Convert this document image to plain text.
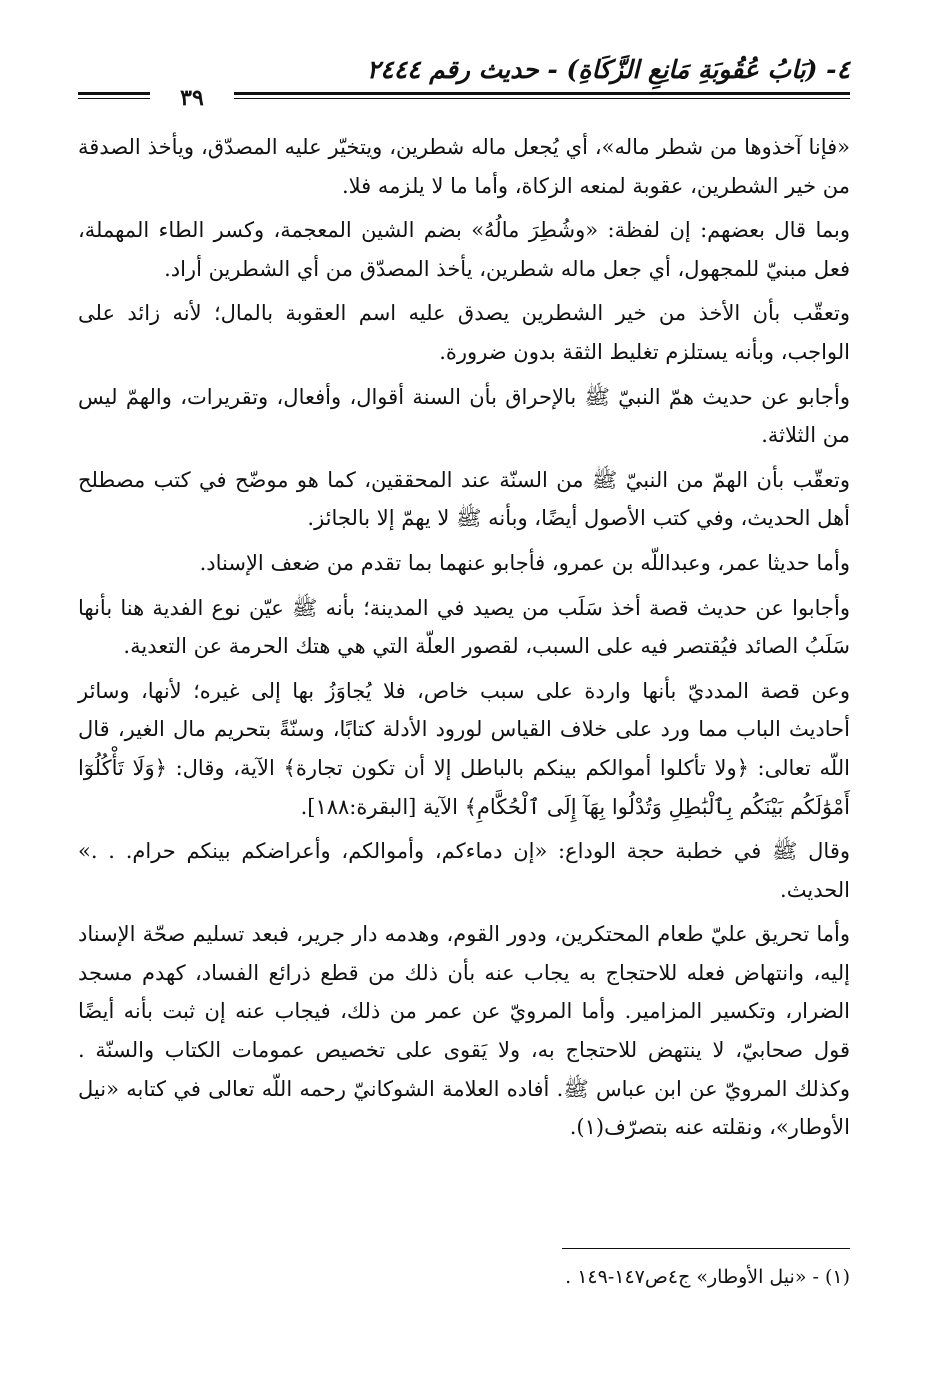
٤- (بَابُ عُقُوبَةِ مَانِعِ الزَّكَاةِ) - حديث رقم ٢٤٤٤
٣٩

«فإنا آخذوها من شطر ماله»، أي يُجعل ماله شطرين، ويتخيّر عليه المصدّق، ويأخذ الصدقة من خير الشطرين، عقوبة لمنعه الزكاة، وأما ما لا يلزمه فلا.

وبما قال بعضهم: إن لفظة: «وشُطِرَ مالُهُ» بضم الشين المعجمة، وكسر الطاء المهملة، فعل مبنيّ للمجهول، أي جعل ماله شطرين، يأخذ المصدّق من أي الشطرين أراد.

وتعقّب بأن الأخذ من خير الشطرين يصدق عليه اسم العقوبة بالمال؛ لأنه زائد على الواجب، وبأنه يستلزم تغليط الثقة بدون ضرورة.

وأجابو عن حديث همّ النبيّ ﷺ بالإحراق بأن السنة أقوال، وأفعال، وتقريرات، والهمّ ليس من الثلاثة.

وتعقّب بأن الهمّ من النبيّ ﷺ من السنّة عند المحققين، كما هو موضّح في كتب مصطلح أهل الحديث، وفي كتب الأصول أيضًا، وبأنه ﷺ لا يهمّ إلا بالجائز.

وأما حديثا عمر، وعبداللّه بن عمرو، فأجابو عنهما بما تقدم من ضعف الإسناد.

وأجابوا عن حديث قصة أخذ سَلَب من يصيد في المدينة؛ بأنه ﷺ عيّن نوع الفدية هنا بأنها سَلَبُ الصائد فيُقتصر فيه على السبب، لقصور العلّة التي هي هتك الحرمة عن التعدية.

وعن قصة المدديّ بأنها واردة على سبب خاص، فلا يُجاوَزُ بها إلى غيره؛ لأنها، وسائر أحاديث الباب مما ورد على خلاف القياس لورود الأدلة كتابًا، وسنّةً بتحريم مال الغير، قال اللّه تعالى: ﴿ولا تأكلوا أموالكم بينكم بالباطل إلا أن تكون تجارة﴾ الآية، وقال: ﴿وَلَا تَأْكُلُوٓا أَمْوَٰلَكُم بَيْنَكُم بِٱلْبَٰطِلِ وَتُدْلُوا بِهَآ إِلَى ٱلْحُكَّامِ﴾ الآية [البقرة:١٨٨].

وقال ﷺ في خطبة حجة الوداع: «إن دماءكم، وأموالكم، وأعراضكم بينكم حرام. . .» الحديث.

وأما تحريق عليّ طعام المحتكرين، ودور القوم، وهدمه دار جرير، فبعد تسليم صحّة الإسناد إليه، وانتهاض فعله للاحتجاج به يجاب عنه بأن ذلك من قطع ذرائع الفساد، كهدم مسجد الضرار، وتكسير المزامير. وأما المرويّ عن عمر من ذلك، فيجاب عنه إن ثبت بأنه أيضًا قول صحابيّ، لا ينتهض للاحتجاج به، ولا يَقوى على تخصيص عمومات الكتاب والسنّة . وكذلك المرويّ عن ابن عباس ﷺ. أفاده العلامة الشوكانيّ رحمه اللّه تعالى في كتابه «نيل الأوطار»، ونقلته عنه بتصرّف(١).

(١) - «نيل الأوطار» ج٤ص١٤٧-١٤٩ .
